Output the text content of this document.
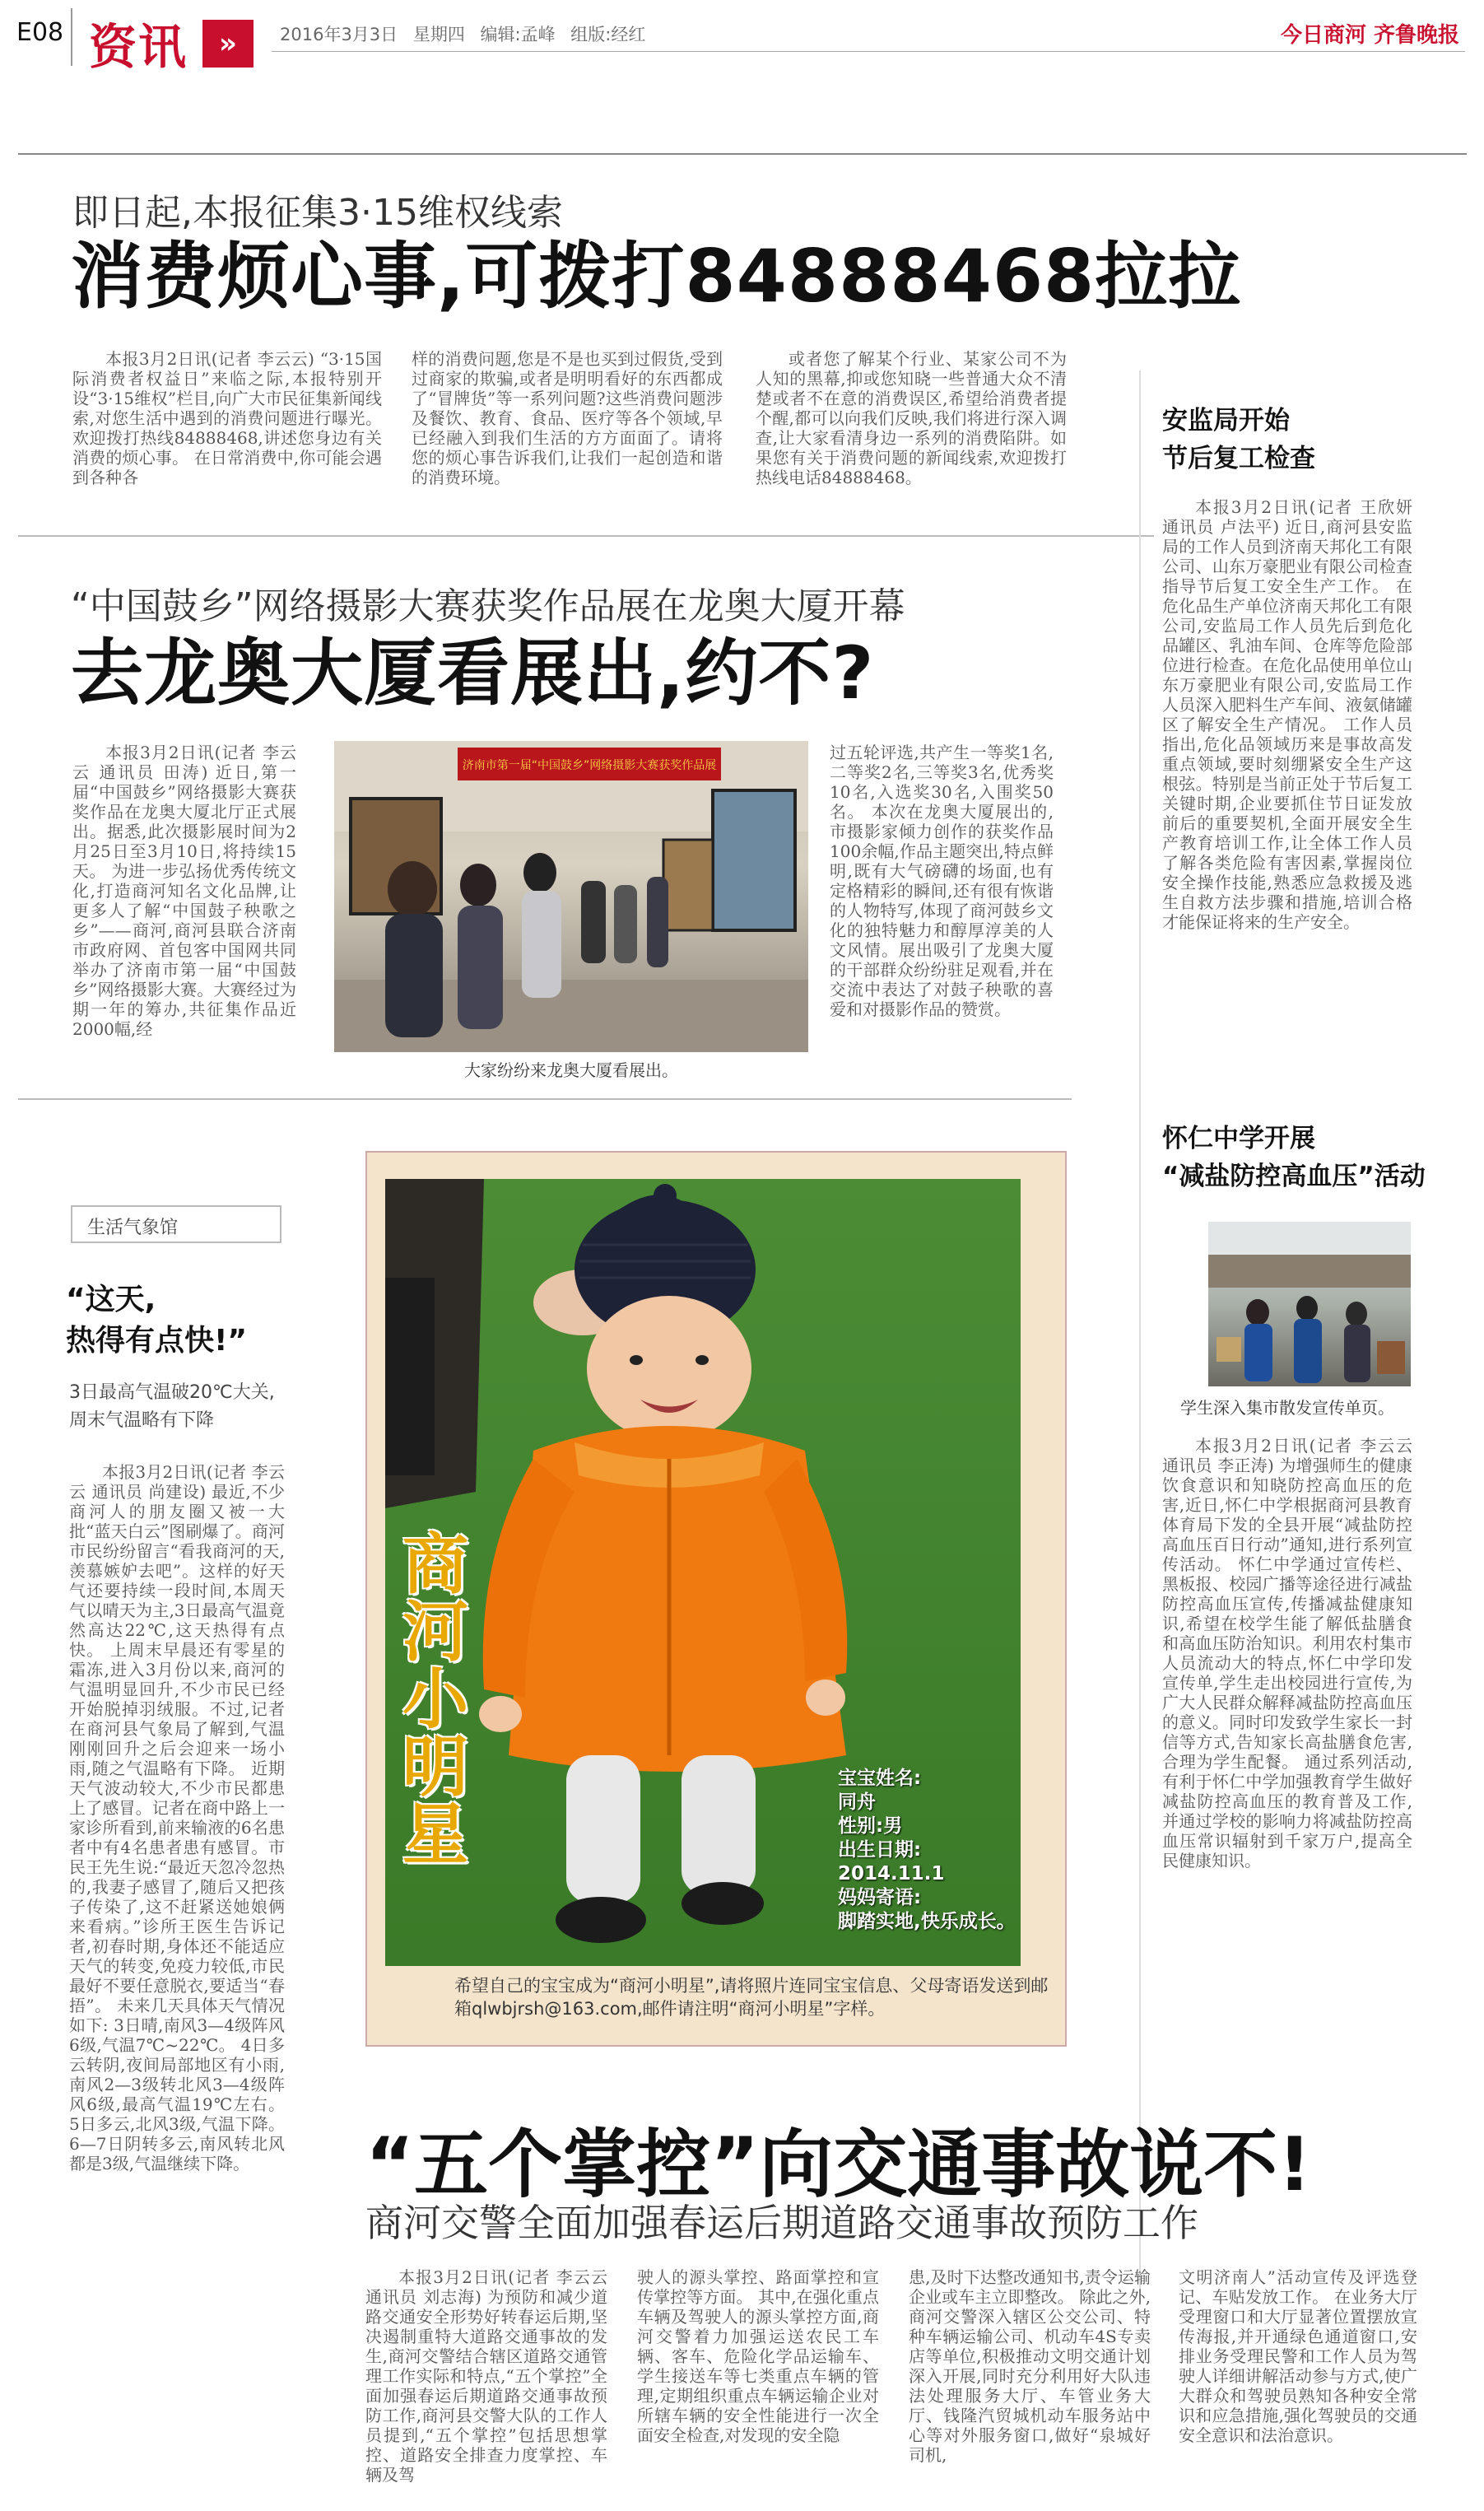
E08 资讯	»	2016年3月3日 星期四 编辑:孟峰 组版:经红	今日商河 齐鲁晚报
即日起,本报征集3·15维权线索
消费烦心事,可拨打84888468拉拉

本报3月2日讯(记者 李云云) “3·15国际消费者权益日”来临之际,本报特别开设“3·15维权”栏目,向广大市民征集新闻线索,对您生活中遇到的消费问题进行曝光。欢迎拨打热线84888468,讲述您身边有关消费的烦心事。 在日常消费中,你可能会遇到各种各

样的消费问题,您是不是也买到过假货,受到过商家的欺骗,或者是明明看好的东西都成了“冒牌货”等一系列问题?这些消费问题涉及餐饮、教育、食品、医疗等各个领域,早已经融入到我们生活的方方面面了。请将您的烦心事告诉我们,让我们一起创造和谐的消费环境。

或者您了解某个行业、某家公司不为人知的黑幕,抑或您知晓一些普通大众不清楚或者不在意的消费误区,希望给消费者提个醒,都可以向我们反映,我们将进行深入调查,让大家看清身边一系列的消费陷阱。如果您有关于消费问题的新闻线索,欢迎拨打热线电话84888468。

“中国鼓乡”网络摄影大赛获奖作品展在龙奥大厦开幕
去龙奥大厦看展出,约不?

本报3月2日讯(记者 李云云 通讯员 田涛) 近日,第一届“中国鼓乡”网络摄影大赛获奖作品在龙奥大厦北厅正式展出。据悉,此次摄影展时间为2月25日至3月10日,将持续15天。 为进一步弘扬优秀传统文化,打造商河知名文化品牌,让更多人了解“中国鼓子秧歌之乡”——商河,商河县联合济南市政府网、首包客中国网共同举办了济南市第一届“中国鼓乡”网络摄影大赛。大赛经过为期一年的筹办,共征集作品近2000幅,经

济南市第一届“中国鼓乡”网络摄影大赛获奖作品展
大家纷纷来龙奥大厦看展出。

过五轮评选,共产生一等奖1名,二等奖2名,三等奖3名,优秀奖10名,入选奖30名,入围奖50名。 本次在龙奥大厦展出的,市摄影家倾力创作的获奖作品100余幅,作品主题突出,特点鲜明,既有大气磅礴的场面,也有定格精彩的瞬间,还有很有恢谐的人物特写,体现了商河鼓乡文化的独特魅力和醇厚淳美的人文风情。展出吸引了龙奥大厦的干部群众纷纷驻足观看,并在交流中表达了对鼓子秧歌的喜爱和对摄影作品的赞赏。

安监局开始
节后复工检查

本报3月2日讯(记者 王欣妍 通讯员 卢法平) 近日,商河县安监局的工作人员到济南天邦化工有限公司、山东万豪肥业有限公司检查指导节后复工安全生产工作。 在危化品生产单位济南天邦化工有限公司,安监局工作人员先后到危化品罐区、乳油车间、仓库等危险部位进行检查。在危化品使用单位山东万豪肥业有限公司,安监局工作人员深入肥料生产车间、液氨储罐区了解安全生产情况。 工作人员指出,危化品领域历来是事故高发重点领域,要时刻绷紧安全生产这根弦。特别是当前正处于节后复工关键时期,企业要抓住节日证发放前后的重要契机,全面开展安全生产教育培训工作,让全体工作人员了解各类危险有害因素,掌握岗位安全操作技能,熟悉应急救援及逃生自救方法步骤和措施,培训合格才能保证将来的生产安全。

怀仁中学开展
“减盐防控高血压”活动
学生深入集市散发宣传单页。

本报3月2日讯(记者 李云云 通讯员 李正涛) 为增强师生的健康饮食意识和知晓防控高血压的危害,近日,怀仁中学根据商河县教育体育局下发的全县开展“减盐防控高血压百日行动”通知,进行系列宣传活动。 怀仁中学通过宣传栏、黑板报、校园广播等途径进行减盐防控高血压宣传,传播减盐健康知识,希望在校学生能了解低盐膳食和高血压防治知识。利用农村集市人员流动大的特点,怀仁中学印发宣传单,学生走出校园进行宣传,为广大人民群众解释减盐防控高血压的意义。同时印发致学生家长一封信等方式,告知家长高盐膳食危害,合理为学生配餐。 通过系列活动,有利于怀仁中学加强教育学生做好减盐防控高血压的教育普及工作,并通过学校的影响力将减盐防控高血压常识辐射到千家万户,提高全民健康知识。

生活气象馆
“这天,
热得有点快!”
3日最高气温破20℃大关,
周末气温略有下降

本报3月2日讯(记者 李云云 通讯员 尚建设) 最近,不少商河人的朋友圈又被一大批“蓝天白云”图刷爆了。商河市民纷纷留言“看我商河的天,羡慕嫉妒去吧”。这样的好天气还要持续一段时间,本周天气以晴天为主,3日最高气温竟然高达22℃,这天热得有点快。 上周末早晨还有零星的霜冻,进入3月份以来,商河的气温明显回升,不少市民已经开始脱掉羽绒服。不过,记者在商河县气象局了解到,气温刚刚回升之后会迎来一场小雨,随之气温略有下降。 近期天气波动较大,不少市民都患上了感冒。记者在商中路上一家诊所看到,前来输液的6名患者中有4名患者患有感冒。市民王先生说:“最近天忽冷忽热的,我妻子感冒了,随后又把孩子传染了,这不赶紧送她娘俩来看病。”诊所王医生告诉记者,初春时期,身体还不能适应天气的转变,免疫力较低,市民最好不要任意脱衣,要适当“春捂”。 未来几天具体天气情况如下: 3日晴,南风3—4级阵风6级,气温7℃~22℃。 4日多云转阴,夜间局部地区有小雨,南风2—3级转北风3—4级阵风6级,最高气温19℃左右。 5日多云,北风3级,气温下降。 6—7日阴转多云,南风转北风都是3级,气温继续下降。

商河小明星
宝宝姓名:
同舟
性别:男
出生日期:
2014.11.1
妈妈寄语:
脚踏实地,快乐成长。
希望自己的宝宝成为“商河小明星”,请将照片连同宝宝信息、父母寄语发送到邮箱qlwbjrsh@163.com,邮件请注明“商河小明星”字样。
“五个掌控”向交通事故说不!
商河交警全面加强春运后期道路交通事故预防工作

本报3月2日讯(记者 李云云 通讯员 刘志海) 为预防和减少道路交通安全形势好转春运后期,坚决遏制重特大道路交通事故的发生,商河交警结合辖区道路交通管理工作实际和特点,“五个掌控”全面加强春运后期道路交通事故预防工作,商河县交警大队的工作人员提到,“五个掌控”包括思想掌控、道路安全排查力度掌控、车辆及驾

驶人的源头掌控、路面掌控和宣传掌控等方面。 其中,在强化重点车辆及驾驶人的源头掌控方面,商河交警着力加强运送农民工车辆、客车、危险化学品运输车、学生接送车等七类重点车辆的管理,定期组织重点车辆运输企业对所辖车辆的安全性能进行一次全面安全检查,对发现的安全隐

患,及时下达整改通知书,责令运输企业或车主立即整改。 除此之外,商河交警深入辖区公交公司、特种车辆运输公司、机动车4S专卖店等单位,积极推动文明交通计划深入开展,同时充分利用好大队违法处理服务大厅、车管业务大厅、钱隆汽贸城机动车服务站中心等对外服务窗口,做好“泉城好司机,

文明济南人”活动宣传及评选登记、车贴发放工作。 在业务大厅受理窗口和大厅显著位置摆放宣传海报,并开通绿色通道窗口,安排业务受理民警和工作人员为驾驶人详细讲解活动参与方式,使广大群众和驾驶员熟知各种安全常识和应急措施,强化驾驶员的交通安全意识和法治意识。
